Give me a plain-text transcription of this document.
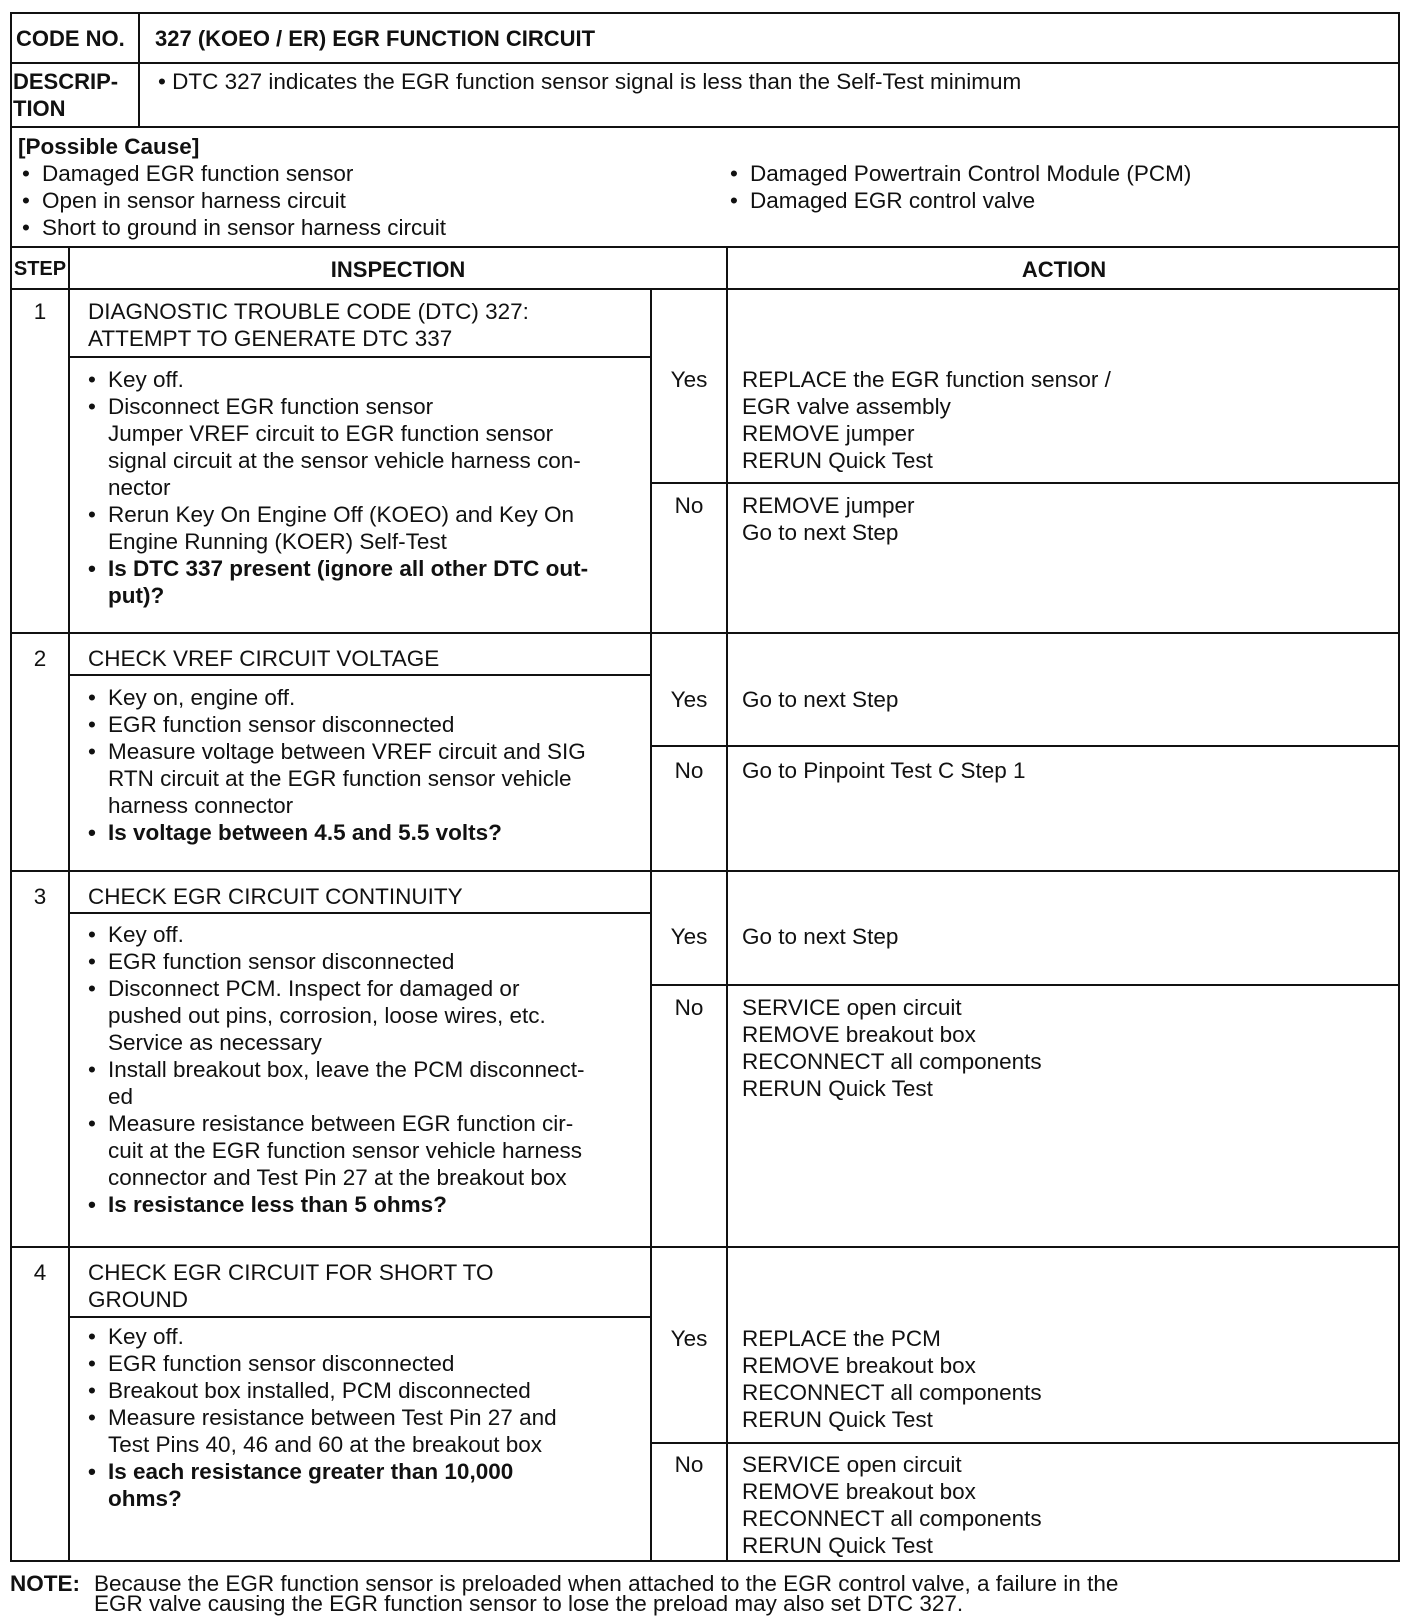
CODE NO. 327 (KOEO / ER) EGR FUNCTION CIRCUIT
DESCRIP-
TION
• DTC 327 indicates the EGR function sensor signal is less than the Self-Test minimum
[Possible Cause]
• Damaged EGR function sensor
• Open in sensor harness circuit
• Short to ground in sensor harness circuit
• Damaged Powertrain Control Module (PCM)
• Damaged EGR control valve
STEP	INSPECTION	ACTION
1	DIAGNOSTIC TROUBLE CODE (DTC) 327:
ATTEMPT TO GENERATE DTC 337
• Key off.
• Disconnect EGR function sensor
Jumper VREF circuit to EGR function sensor
signal circuit at the sensor vehicle harness con-
nector
• Rerun Key On Engine Off (KOEO) and Key On
Engine Running (KOER) Self-Test
• Is DTC 337 present (ignore all other DTC out-
put)?
Yes	REPLACE the EGR function sensor /
EGR valve assembly
REMOVE jumper
RERUN Quick Test
No	REMOVE jumper
Go to next Step
2	CHECK VREF CIRCUIT VOLTAGE
• Key on, engine off.
• EGR function sensor disconnected
• Measure voltage between VREF circuit and SIG
RTN circuit at the EGR function sensor vehicle
harness connector
• Is voltage between 4.5 and 5.5 volts?
Yes	Go to next Step
No	Go to Pinpoint Test C Step 1
3	CHECK EGR CIRCUIT CONTINUITY
• Key off.
• EGR function sensor disconnected
• Disconnect PCM. Inspect for damaged or
pushed out pins, corrosion, loose wires, etc.
Service as necessary
• Install breakout box, leave the PCM disconnect-
ed
• Measure resistance between EGR function cir-
cuit at the EGR function sensor vehicle harness
connector and Test Pin 27 at the breakout box
• Is resistance less than 5 ohms?
Yes	Go to next Step
No	SERVICE open circuit
REMOVE breakout box
RECONNECT all components
RERUN Quick Test
4	CHECK EGR CIRCUIT FOR SHORT TO
GROUND
• Key off.
• EGR function sensor disconnected
• Breakout box installed, PCM disconnected
• Measure resistance between Test Pin 27 and
Test Pins 40, 46 and 60 at the breakout box
• Is each resistance greater than 10,000
ohms?
Yes	REPLACE the PCM
REMOVE breakout box
RECONNECT all components
RERUN Quick Test
No	SERVICE open circuit
REMOVE breakout box
RECONNECT all components
RERUN Quick Test
NOTE: Because the EGR function sensor is preloaded when attached to the EGR control valve, a failure in the
EGR valve causing the EGR function sensor to lose the preload may also set DTC 327.
